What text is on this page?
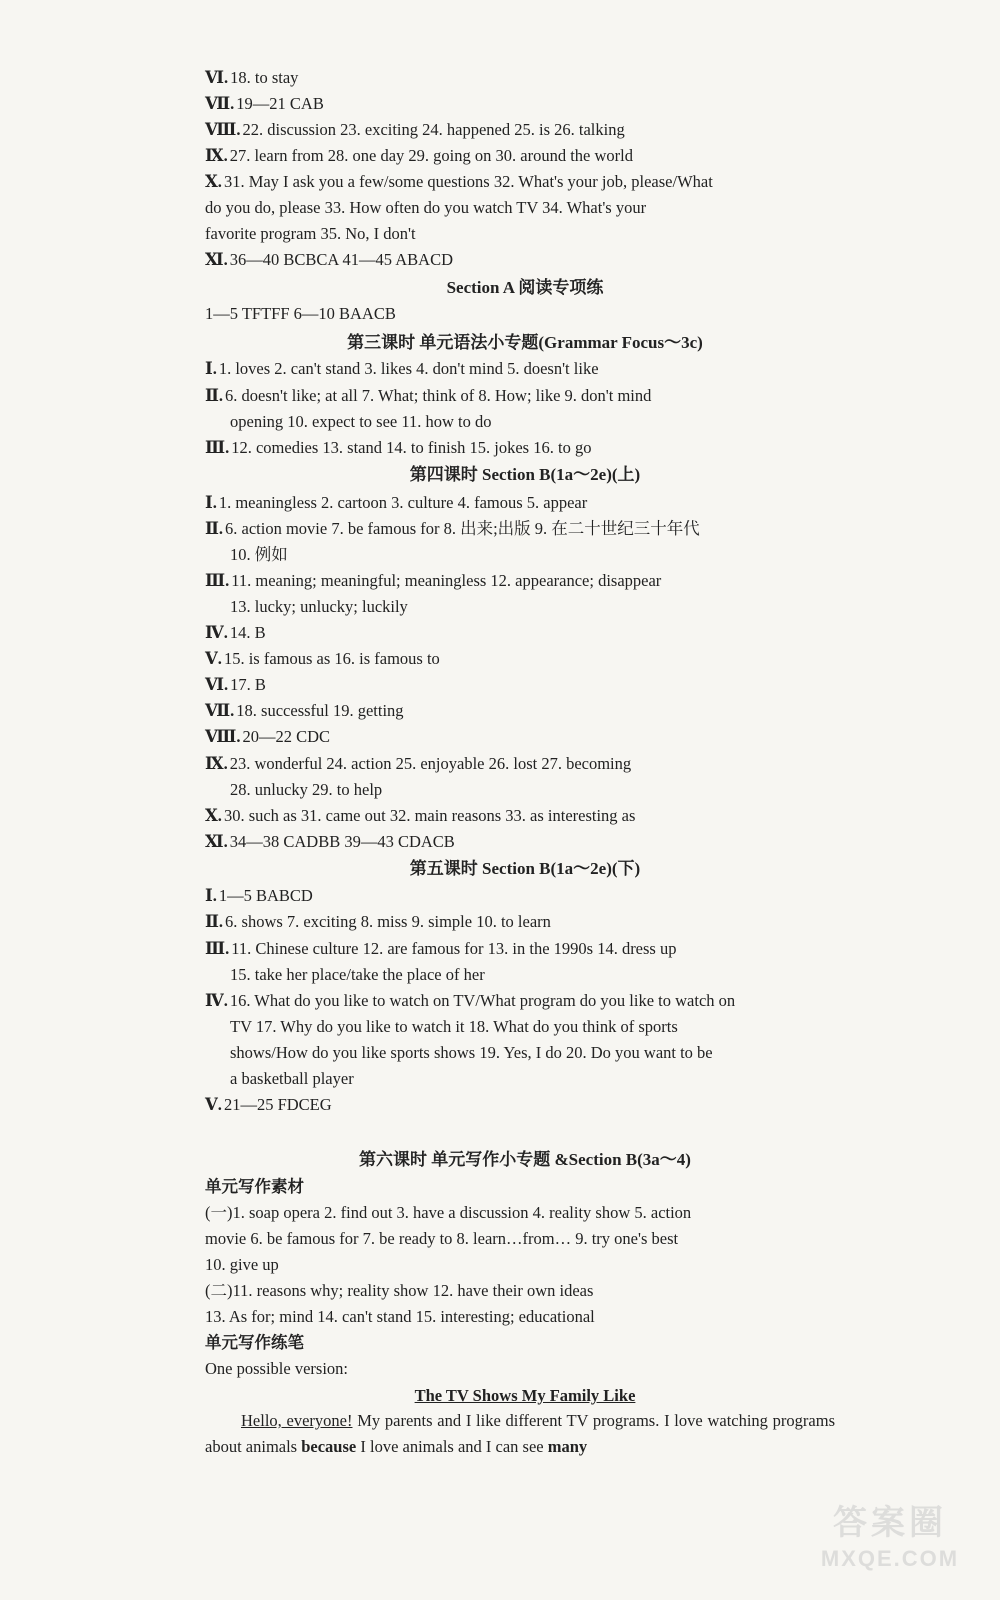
Ⅵ. 18. to stay
Ⅶ. 19—21 CAB
Ⅷ. 22. discussion 23. exciting 24. happened 25. is 26. talking
Ⅸ. 27. learn from 28. one day 29. going on 30. around the world
Ⅹ. 31. May I ask you a few/some questions 32. What's your job, please/What
do you do, please 33. How often do you watch TV 34. What's your
favorite program 35. No, I don't
Ⅺ. 36—40 BCBCA 41—45 ABACD
Section A 阅读专项练
1—5 TFTFF 6—10 BAACB
第三课时 单元语法小专题(Grammar Focus～3c)
Ⅰ. 1. loves 2. can't stand 3. likes 4. don't mind 5. doesn't like
Ⅱ. 6. doesn't like; at all 7. What; think of 8. How; like 9. don't mind
opening 10. expect to see 11. how to do
Ⅲ. 12. comedies 13. stand 14. to finish 15. jokes 16. to go
第四课时 Section B(1a～2e)(上)
Ⅰ. 1. meaningless 2. cartoon 3. culture 4. famous 5. appear
Ⅱ. 6. action movie 7. be famous for 8. 出来;出版 9. 在二十世纪三十年代
10. 例如
Ⅲ. 11. meaning; meaningful; meaningless 12. appearance; disappear
13. lucky; unlucky; luckily
Ⅳ. 14. B
Ⅴ. 15. is famous as 16. is famous to
Ⅵ. 17. B
Ⅶ. 18. successful 19. getting
Ⅷ. 20—22 CDC
Ⅸ. 23. wonderful 24. action 25. enjoyable 26. lost 27. becoming
28. unlucky 29. to help
Ⅹ. 30. such as 31. came out 32. main reasons 33. as interesting as
Ⅺ. 34—38 CADBB 39—43 CDACB
第五课时 Section B(1a～2e)(下)
Ⅰ. 1—5 BABCD
Ⅱ. 6. shows 7. exciting 8. miss 9. simple 10. to learn
Ⅲ. 11. Chinese culture 12. are famous for 13. in the 1990s 14. dress up
15. take her place/take the place of her
Ⅳ. 16. What do you like to watch on TV/What program do you like to watch on
TV 17. Why do you like to watch it 18. What do you think of sports
shows/How do you like sports shows 19. Yes, I do 20. Do you want to be
a basketball player
Ⅴ. 21—25 FDCEG
第六课时 单元写作小专题 &Section B(3a～4)
单元写作素材
(一)1. soap opera 2. find out 3. have a discussion 4. reality show 5. action
movie 6. be famous for 7. be ready to 8. learn…from… 9. try one's best
10. give up
(二)11. reasons why; reality show 12. have their own ideas
13. As for; mind 14. can't stand 15. interesting; educational
单元写作练笔
One possible version:
The TV Shows My Family Like
Hello, everyone! My parents and I like different TV programs. I love watching programs about animals because I love animals and I can see many
答案圈
MXQE.COM
